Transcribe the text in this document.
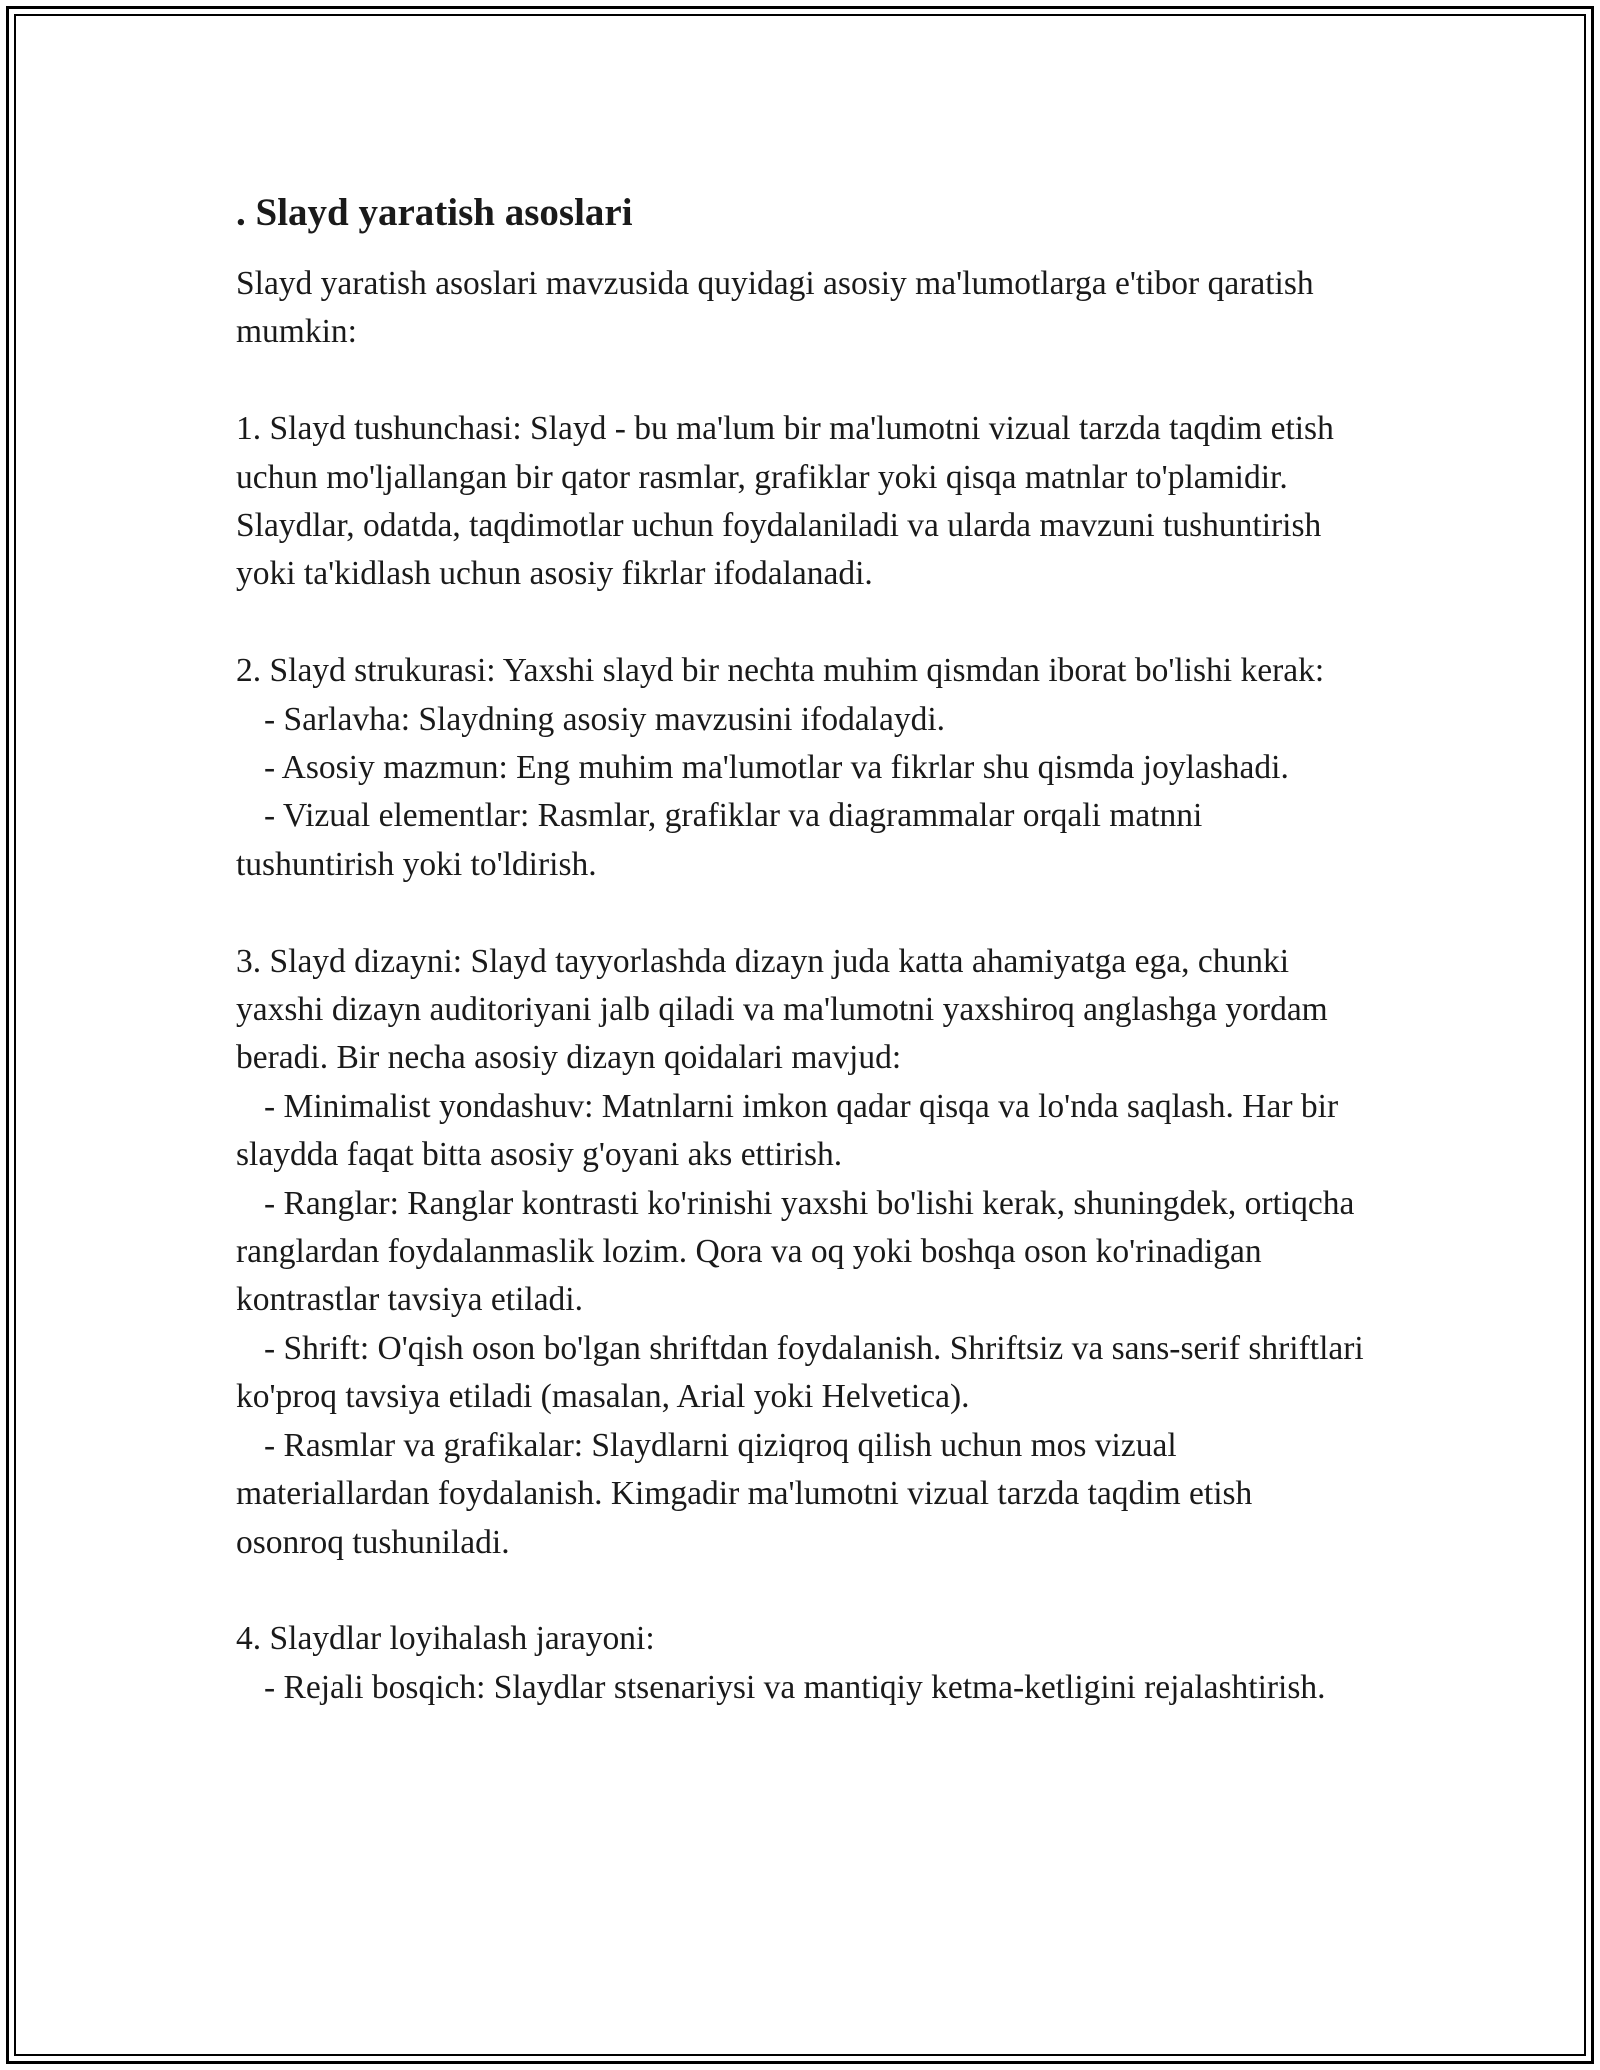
. Slayd yaratish asoslari

Slayd yaratish asoslari mavzusida quyidagi asosiy ma'lumotlarga e'tibor qaratish mumkin:

1. Slayd tushunchasi: Slayd - bu ma'lum bir ma'lumotni vizual tarzda taqdim etish uchun mo'ljallangan bir qator rasmlar, grafiklar yoki qisqa matnlar to'plamidir. Slaydlar, odatda, taqdimotlar uchun foydalaniladi va ularda mavzuni tushuntirish yoki ta'kidlash uchun asosiy fikrlar ifodalanadi.

2. Slayd strukurasi: Yaxshi slayd bir nechta muhim qismdan iborat bo'lishi kerak:

- Sarlavha: Slaydning asosiy mavzusini ifodalaydi.

- Asosiy mazmun: Eng muhim ma'lumotlar va fikrlar shu qismda joylashadi.

- Vizual elementlar: Rasmlar, grafiklar va diagrammalar orqali matnni tushuntirish yoki to'ldirish.

3. Slayd dizayni: Slayd tayyorlashda dizayn juda katta ahamiyatga ega, chunki yaxshi dizayn auditoriyani jalb qiladi va ma'lumotni yaxshiroq anglashga yordam beradi. Bir necha asosiy dizayn qoidalari mavjud:

- Minimalist yondashuv: Matnlarni imkon qadar qisqa va lo'nda saqlash. Har bir slaydda faqat bitta asosiy g'oyani aks ettirish.

- Ranglar: Ranglar kontrasti ko'rinishi yaxshi bo'lishi kerak, shuningdek, ortiqcha ranglardan foydalanmaslik lozim. Qora va oq yoki boshqa oson ko'rinadigan kontrastlar tavsiya etiladi.

- Shrift: O'qish oson bo'lgan shriftdan foydalanish. Shriftsiz va sans-serif shriftlari ko'proq tavsiya etiladi (masalan, Arial yoki Helvetica).

- Rasmlar va grafikalar: Slaydlarni qiziqroq qilish uchun mos vizual materiallardan foydalanish. Kimgadir ma'lumotni vizual tarzda taqdim etish osonroq tushuniladi.

4. Slaydlar loyihalash jarayoni:

- Rejali bosqich: Slaydlar stsenariysi va mantiqiy ketma-ketligini rejalashtirish.
